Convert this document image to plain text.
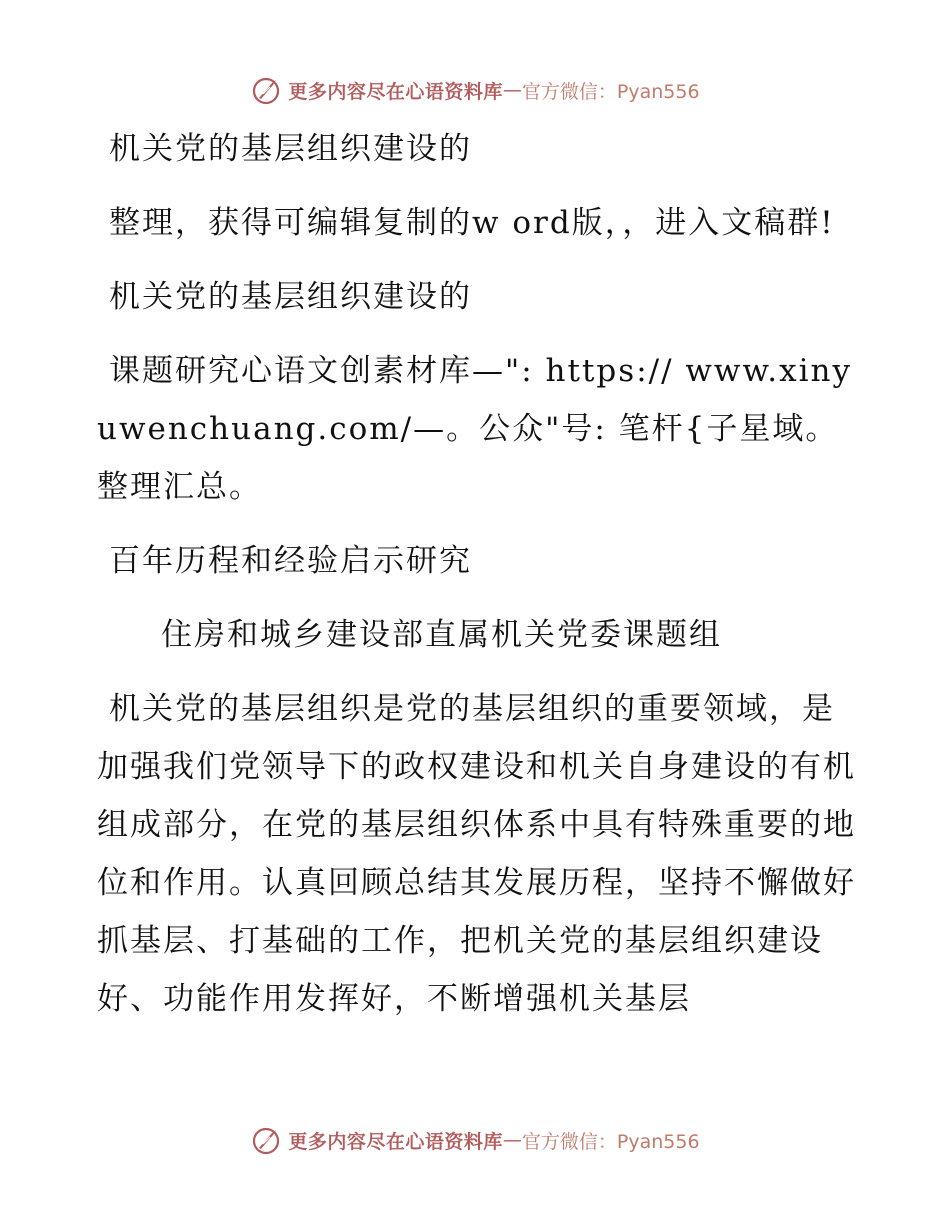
更多内容尽在心语资料库 — 官方微信：Pyan556

机关党的基层组织建设的

整理，获得可编辑复制的w ord版，，进入文稿群!

机关党的基层组织建设的

课题研究心语文创素材库—": https:// www.xinyuwenchuang.com/—。公众"号: 笔杆{子星域。整理汇总。

百年历程和经验启示研究

住房和城乡建设部直属机关党委课题组

机关党的基层组织是党的基层组织的重要领域，是加强我们党领导下的政权建设和机关自身建设的有机组成部分，在党的基层组织体系中具有特殊重要的地位和作用。认真回顾总结其发展历程，坚持不懈做好抓基层、打基础的工作，把机关党的基层组织建设好、功能作用发挥好，不断增强机关基层

更多内容尽在心语资料库 — 官方微信：Pyan556
